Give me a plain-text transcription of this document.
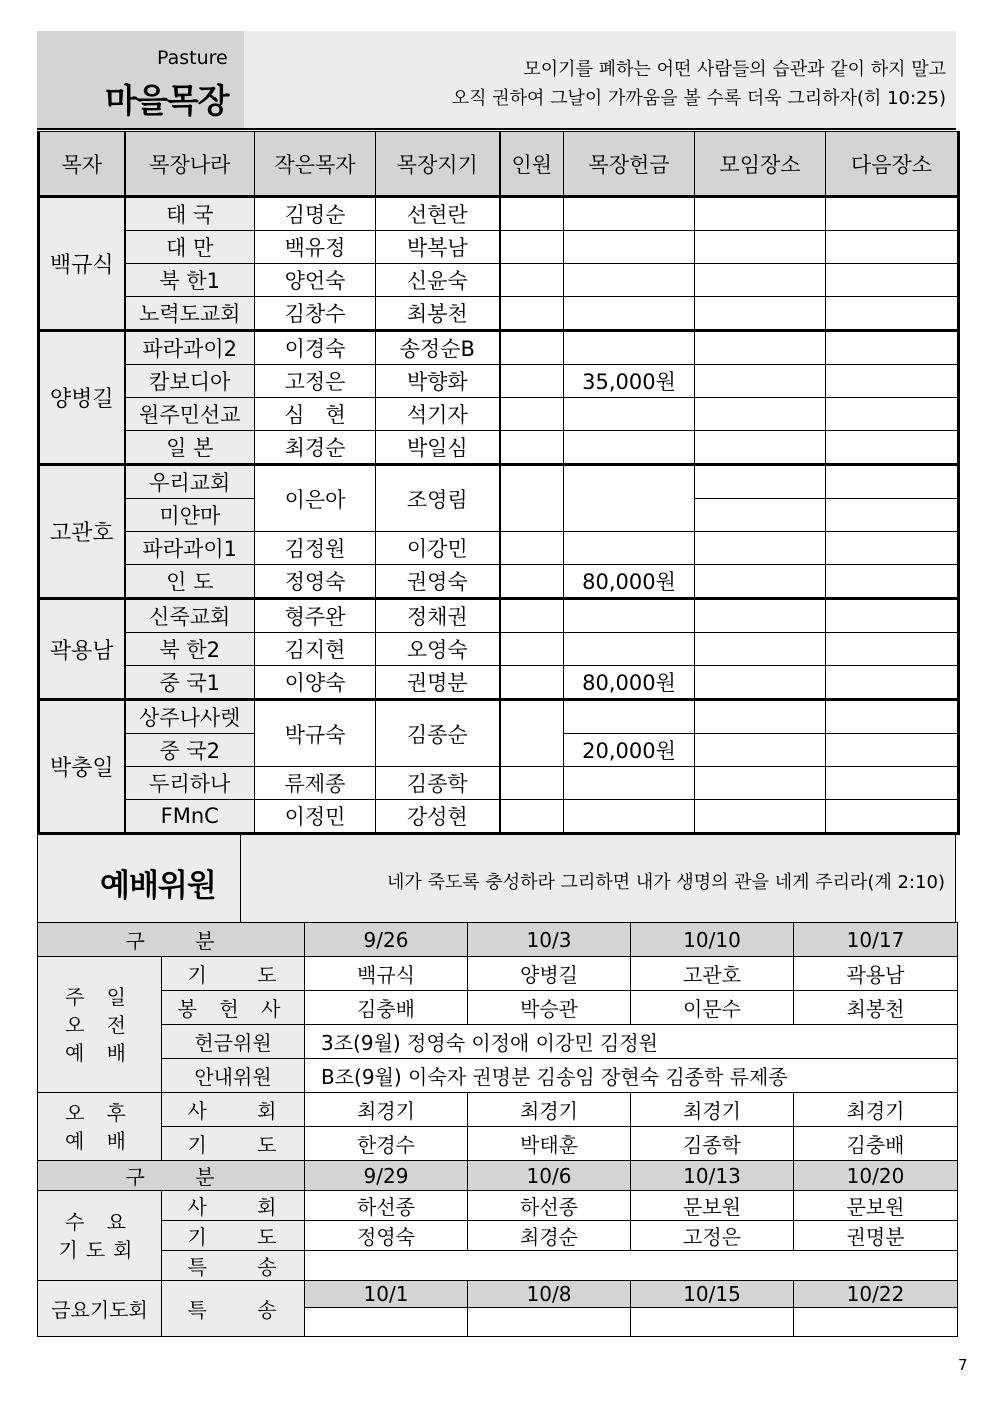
Pasture
마을목장
모이기를 폐하는 어떤 사람들의 습관과 같이 하지 말고
오직 권하여 그날이 가까움을 볼 수록 더욱 그리하자(히 10:25)
목자	목장나라	작은목자	목장지기	인원	목장헌금	모임장소	다음장소
백규식	태 국	김명순	선현란				
	대 만	백유정	박복남				
	북 한1	양언숙	신윤숙				
	노력도교회	김창수	최봉천				
양병길	파라과이2	이경숙	송정순B				
	캄보디아	고정은	박향화		35,000원		
	원주민선교	심　현	석기자				
	일 본	최경순	박일심				
고관호	우리교회	이은아	조영림				
	미얀마						
	파라과이1	김정원	이강민				
	인 도	정영숙	권영숙		80,000원		
곽용남	신죽교회	형주완	정채권				
	북 한2	김지현	오영숙				
	중 국1	이양숙	권명분		80,000원		
박충일	상주나사렛	박규숙	김종순				
	중 국2				20,000원		
	두리하나	류제종	김종학				
	FMnC	이정민	강성현				
예배위원	네가 죽도록 충성하라 그리하면 내가 생명의 관을 네게 주리라(계 2:10)
구 분		9/26	10/3	10/10	10/17
주 일 오 전 예 배	기 도	백규식	양병길	고관호	곽용남
	봉 헌 사	김충배	박승관	이문수	최봉천
	헌금위원	3조(9월) 정영숙 이정애 이강민 김정원			
	안내위원	B조(9월) 이숙자 권명분 김송임 장현숙 김종학 류제종			
오 후 예 배	사 회	최경기	최경기	최경기	최경기
	기 도	한경수	박태훈	김종학	김충배
구 분		9/29	10/6	10/13	10/20
수 요 기도회	사 회	하선종	하선종	문보원	문보원
	기 도	정영숙	최경순	고정은	권명분
	특 송				
금요기도회	특 송	10/1	10/8	10/15	10/22

7
